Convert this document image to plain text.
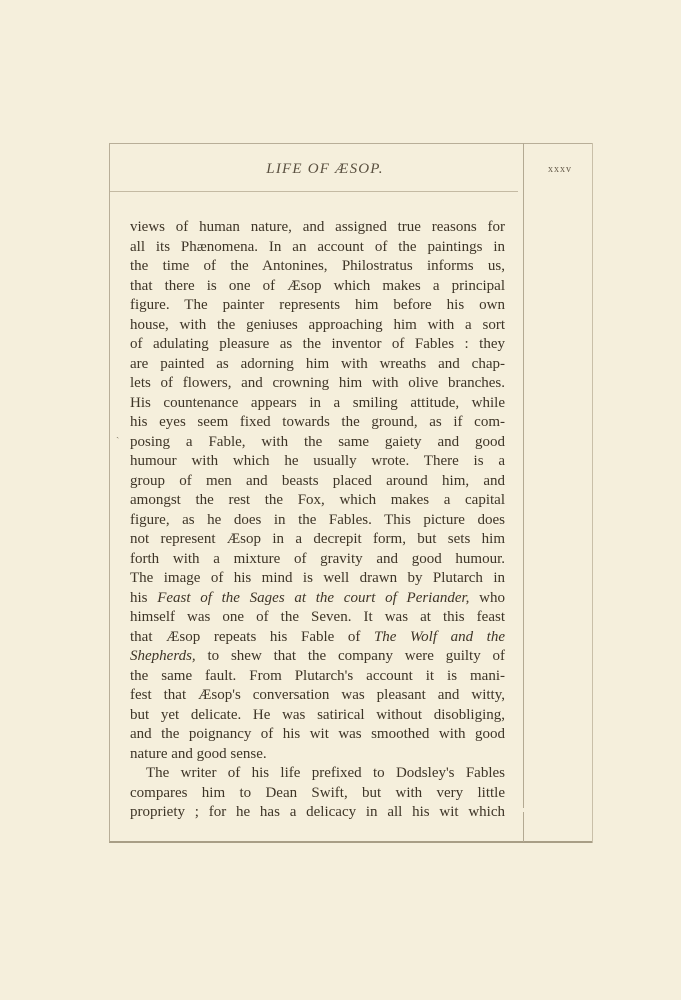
LIFE OF ÆSOP.	xxxv
ˎ
views of human nature, and assigned true reasons for
all its Phænomena. In an account of the paintings in
the time of the Antonines, Philostratus informs us,
that there is one of Æsop which makes a principal
figure. The painter represents him before his own
house, with the geniuses approaching him with a sort
of adulating pleasure as the inventor of Fables : they
are painted as adorning him with wreaths and chap-
lets of flowers, and crowning him with olive branches.
His countenance appears in a smiling attitude, while
his eyes seem fixed towards the ground, as if com-
posing a Fable, with the same gaiety and good
humour with which he usually wrote. There is a
group of men and beasts placed around him, and
amongst the rest the Fox, which makes a capital
figure, as he does in the Fables. This picture does
not represent Æsop in a decrepit form, but sets him
forth with a mixture of gravity and good humour.
The image of his mind is well drawn by Plutarch in
his Feast of the Sages at the court of Periander, who
himself was one of the Seven. It was at this feast
that Æsop repeats his Fable of The Wolf and the
Shepherds, to shew that the company were guilty of
the same fault. From Plutarch's account it is mani-
fest that Æsop's conversation was pleasant and witty,
but yet delicate. He was satirical without disobliging,
and the poignancy of his wit was smoothed with good
nature and good sense.
The writer of his life prefixed to Dodsley's Fables
compares him to Dean Swift, but with very little
propriety ; for he has a delicacy in all his wit which
